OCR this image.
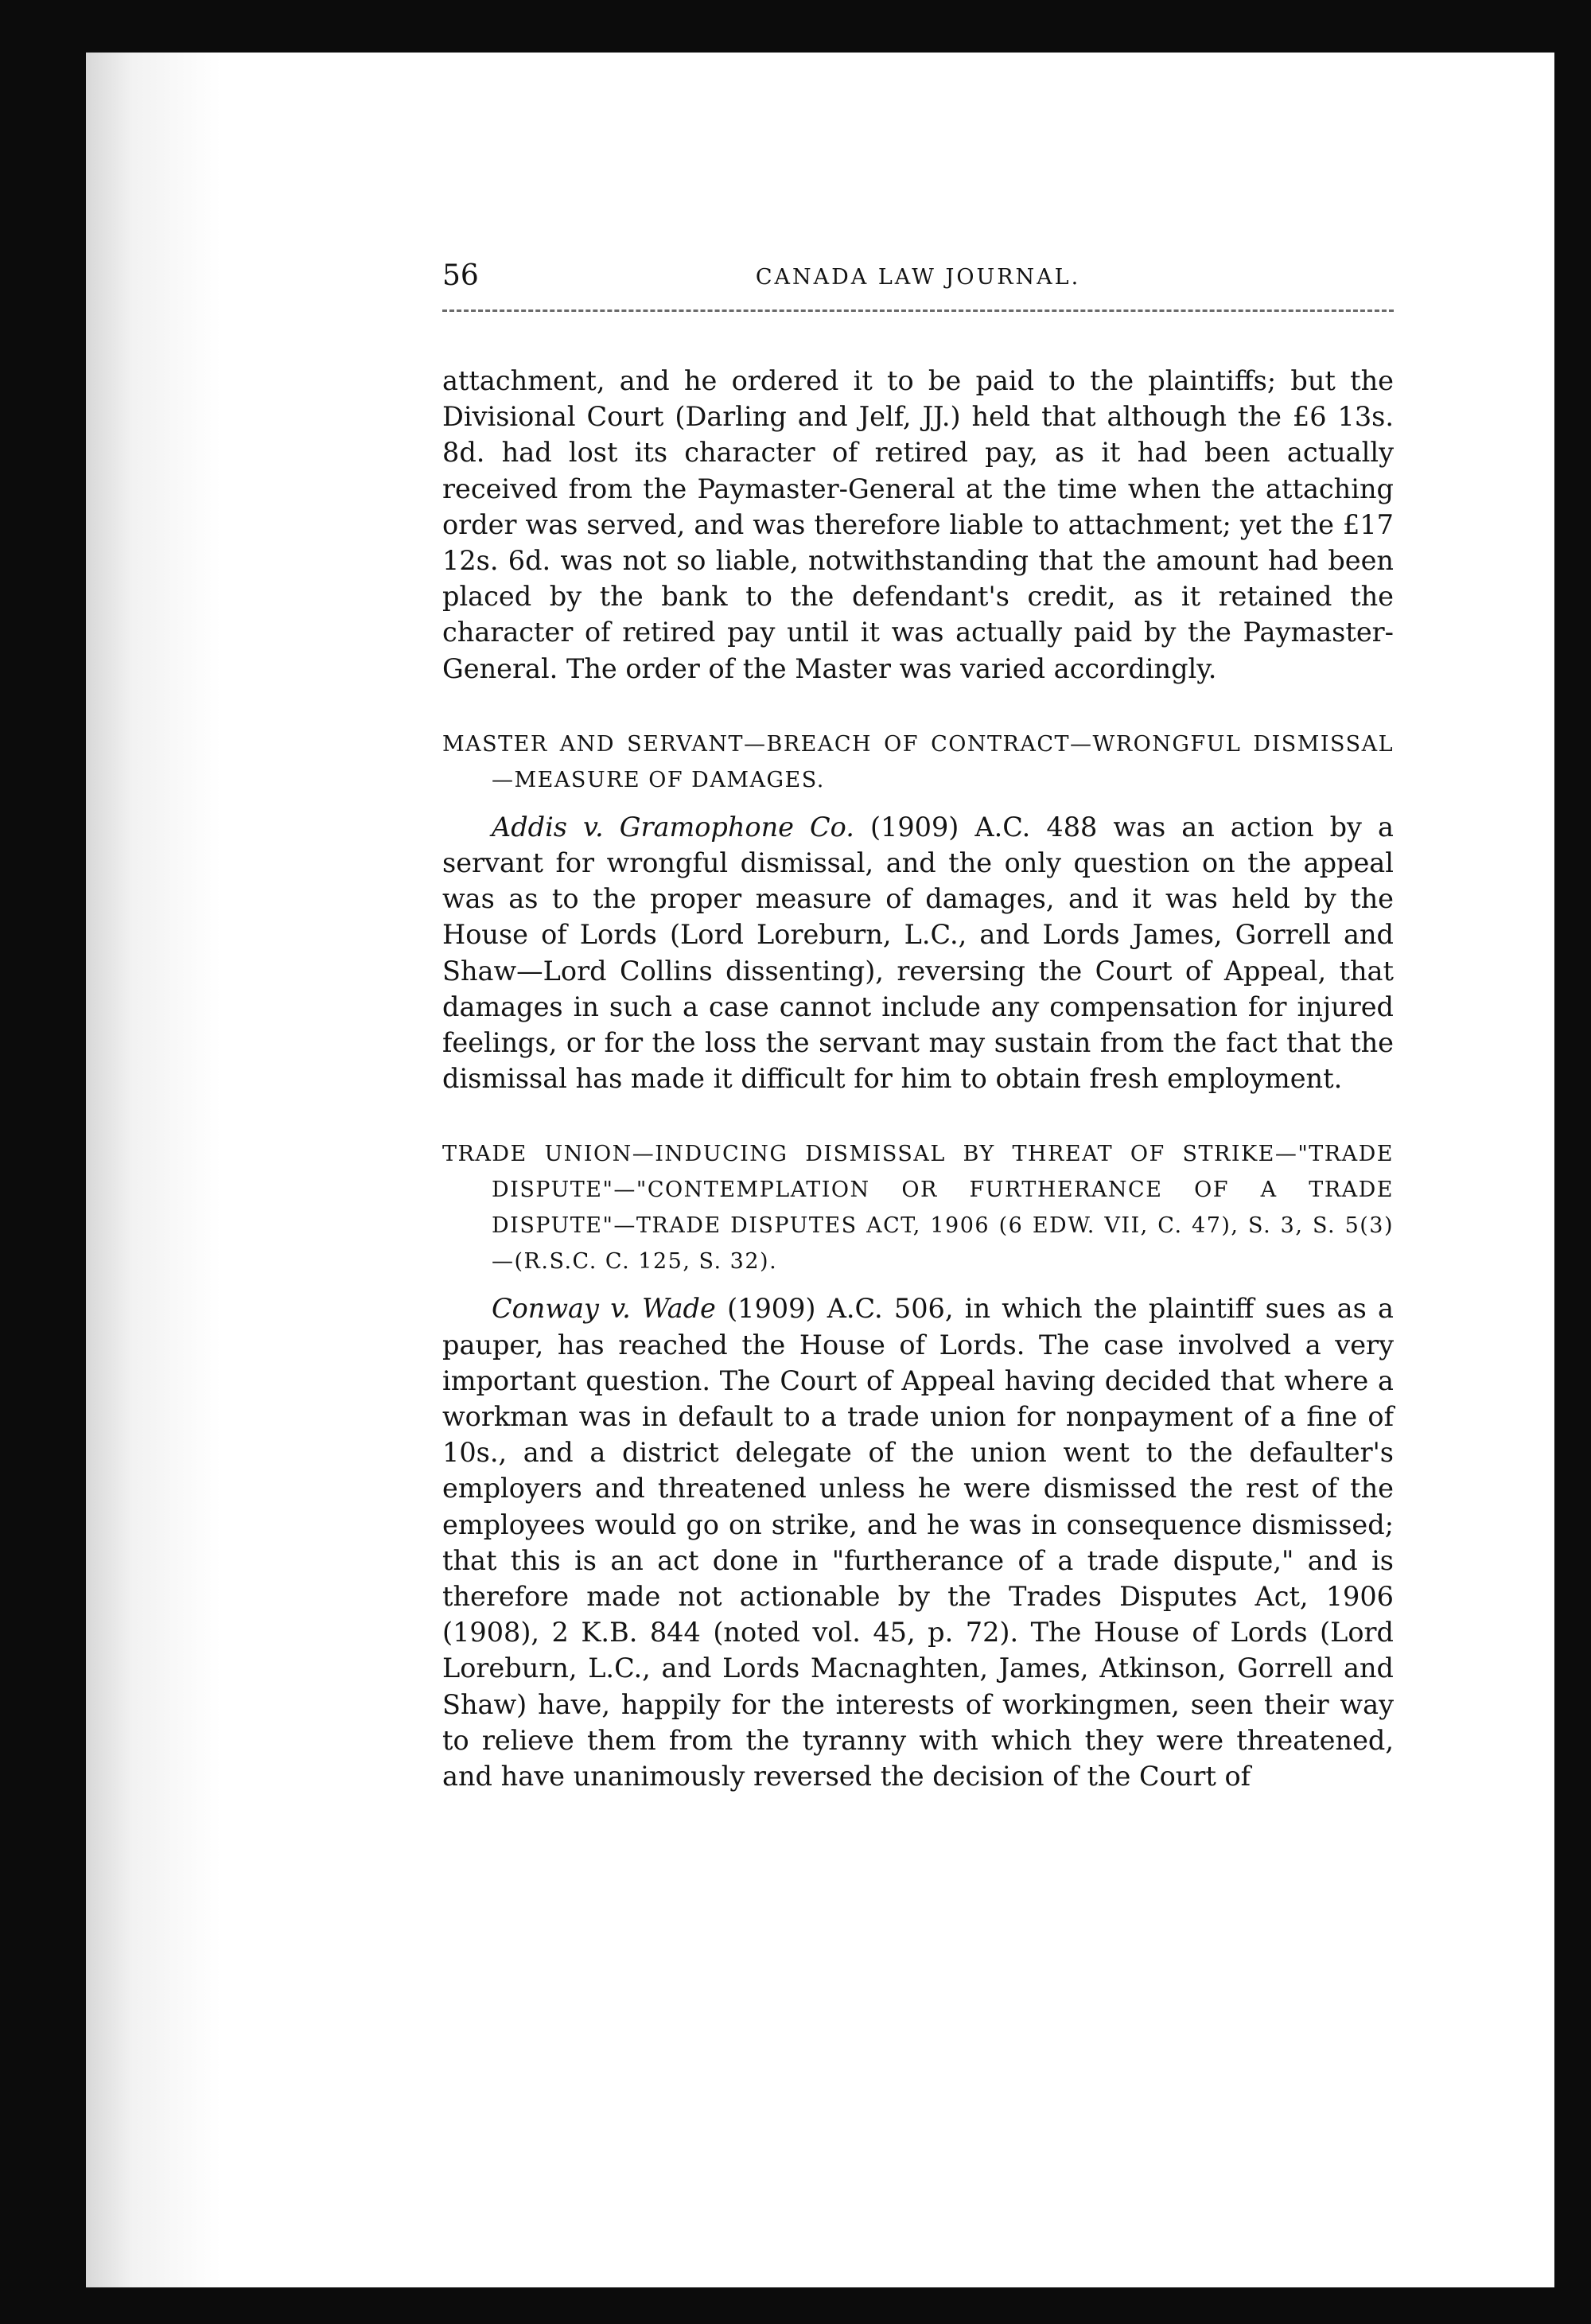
56	CANADA LAW JOURNAL.

attachment, and he ordered it to be paid to the plaintiffs; but the Divisional Court (Darling and Jelf, JJ.) held that although the £6 13s. 8d. had lost its character of retired pay, as it had been actually received from the Paymaster-General at the time when the attaching order was served, and was therefore liable to attachment; yet the £17 12s. 6d. was not so liable, notwithstanding that the amount had been placed by the bank to the defendant's credit, as it retained the character of retired pay until it was actually paid by the Paymaster-General. The order of the Master was varied accordingly.

MASTER AND SERVANT—BREACH OF CONTRACT—WRONGFUL DISMISSAL—MEASURE OF DAMAGES.

Addis v. Gramophone Co. (1909) A.C. 488 was an action by a servant for wrongful dismissal, and the only question on the appeal was as to the proper measure of damages, and it was held by the House of Lords (Lord Loreburn, L.C., and Lords James, Gorrell and Shaw—Lord Collins dissenting), reversing the Court of Appeal, that damages in such a case cannot include any compensation for injured feelings, or for the loss the servant may sustain from the fact that the dismissal has made it difficult for him to obtain fresh employment.

TRADE UNION—INDUCING DISMISSAL BY THREAT OF STRIKE—"TRADE DISPUTE"—"CONTEMPLATION OR FURTHERANCE OF A TRADE DISPUTE"—TRADE DISPUTES ACT, 1906 (6 EDW. VII, C. 47), S. 3, S. 5(3)—(R.S.C. C. 125, S. 32).

Conway v. Wade (1909) A.C. 506, in which the plaintiff sues as a pauper, has reached the House of Lords. The case involved a very important question. The Court of Appeal having decided that where a workman was in default to a trade union for nonpayment of a fine of 10s., and a district delegate of the union went to the defaulter's employers and threatened unless he were dismissed the rest of the employees would go on strike, and he was in consequence dismissed; that this is an act done in "furtherance of a trade dispute," and is therefore made not actionable by the Trades Disputes Act, 1906 (1908), 2 K.B. 844 (noted vol. 45, p. 72). The House of Lords (Lord Loreburn, L.C., and Lords Macnaghten, James, Atkinson, Gorrell and Shaw) have, happily for the interests of workingmen, seen their way to relieve them from the tyranny with which they were threatened, and have unanimously reversed the decision of the Court of
